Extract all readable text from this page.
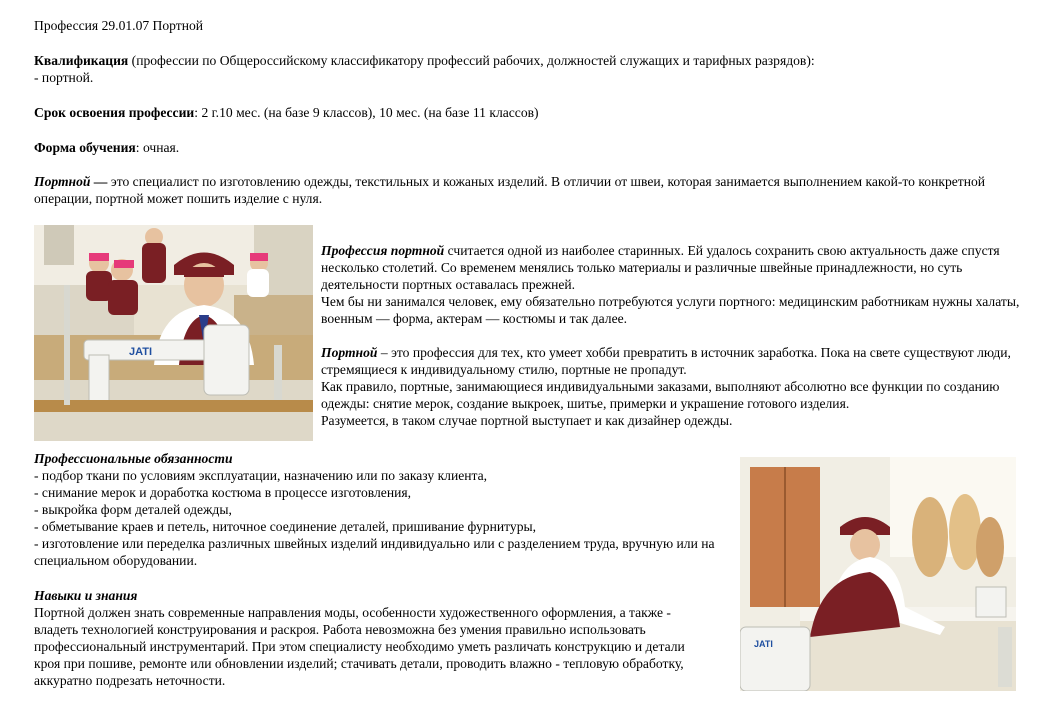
Профессия 29.01.07 Портной

Квалификация (профессии по Общероссийскому классификатору профессий рабочих, должностей служащих и тарифных разрядов):

- портной.

Срок освоения профессии: 2 г.10 мес. (на базе 9 классов), 10 мес. (на базе 11 классов)

Форма обучения: очная.

Портной — это специалист по изготовлению одежды, текстильных и кожаных изделий. В отличии от швеи, которая занимается выполнением какой-то конкретной операции, портной может пошить изделие с нуля.

JATI

Профессия портной считается одной из наиболее старинных. Ей удалось сохранить свою актуальность даже спустя несколько столетий. Со временем менялись только материалы и различные швейные принадлежности, но суть деятельности портных оставалась прежней.

Чем бы ни занимался человек, ему обязательно потребуются услуги портного: медицинским работникам нужны халаты, военным — форма, актерам — костюмы и так далее.

Портной – это профессия для тех, кто умеет хобби превратить в источник заработка. Пока на свете существуют люди, стремящиеся к индивидуальному стилю, портные не пропадут.

Как правило, портные, занимающиеся индивидуальными заказами, выполняют абсолютно все функции по созданию одежды: снятие мерок, создание выкроек, шитье, примерки и украшение готового изделия.

Разумеется, в таком случае портной выступает и как дизайнер одежды.

Профессиональные обязанности

- подбор ткани по условиям эксплуатации, назначению или по заказу клиента,
- снимание мерок и доработка костюма в процессе изготовления,
- выкройка форм деталей одежды,
- обметывание краев и петель, ниточное соединение деталей, пришивание фурнитуры,
- изготовление или переделка различных швейных изделий индивидуально или с разделением труда, вручную или на специальном оборудовании.

Навыки и знания

Портной должен знать современные направления моды, особенности художественного оформления, а также - владеть технологией конструирования и раскроя. Работа невозможна без умения правильно использовать профессиональный инструментарий. При этом специалисту необходимо уметь различать конструкцию и детали кроя при пошиве, ремонте или обновлении изделий; стачивать детали, проводить влажно - тепловую обработку, аккуратно подрезать неточности.

JATI
